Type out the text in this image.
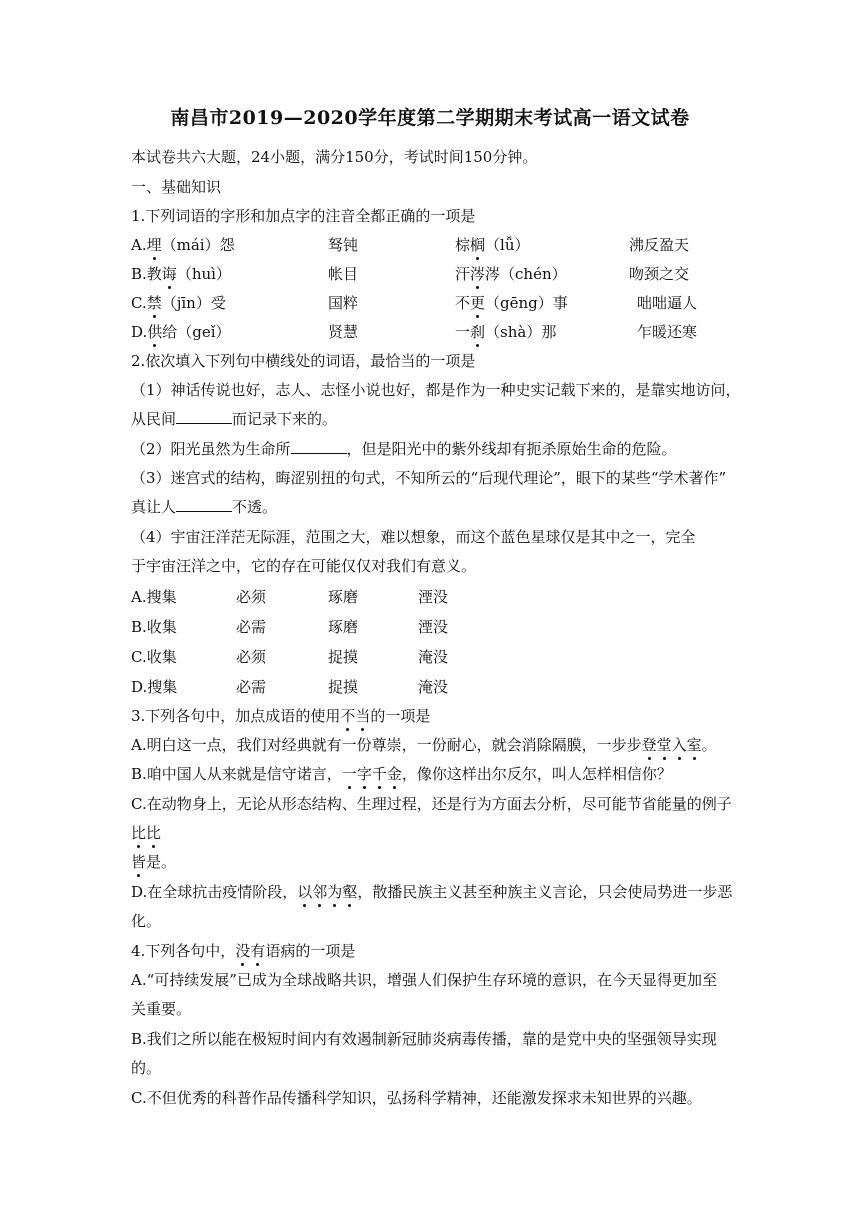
南昌市2019—2020学年度第二学期期末考试高一语文试卷
本试卷共六大题，24小题，满分150分，考试时间150分钟。
一、基础知识
1.下列词语的字形和加点字的注音全都正确的一项是
A.埋（mái）怨	驽钝	棕榈（lǚ）	沸反盈天
B.教诲（huì）	帐目	汗涔涔（chén）	吻颈之交
C.禁（jīn）受	国粹	不更（gēng）事	咄咄逼人
D.供给（geǐ）	贤慧	一刹（shà）那	乍暖还寒
2.依次填入下列句中横线处的词语，最恰当的一项是
（1）神话传说也好，志人、志怪小说也好，都是作为一种史实记载下来的，是靠实地访问，
从民间	而记录下来的。
（2）阳光虽然为生命所	，但是阳光中的紫外线却有扼杀原始生命的危险。
（3）迷宫式的结构，晦涩别扭的句式，不知所云的“后现代理论”，眼下的某些“学术著作”
真让人	不透。
（4）宇宙汪洋茫无际涯，范围之大，难以想象，而这个蓝色星球仅是其中之一，完全
于宇宙汪洋之中，它的存在可能仅仅对我们有意义。
A.搜集	必须	琢磨	湮没
B.收集	必需	琢磨	湮没
C.收集	必须	捉摸	淹没
D.搜集	必需	捉摸	淹没
3.下列各句中，加点成语的使用不当的一项是
A.明白这一点，我们对经典就有一份尊崇，一份耐心，就会消除隔膜，一步步登堂入室。
B.咱中国人从来就是信守诺言，一字千金，像你这样出尔反尔，叫人怎样相信你？
C.在动物身上，无论从形态结构、生理过程，还是行为方面去分析，尽可能节省能量的例子
比比
皆是。
D.在全球抗击疫情阶段，以邻为壑，散播民族主义甚至种族主义言论，只会使局势进一步恶
化。
4.下列各句中，没有语病的一项是
A.“可持续发展”已成为全球战略共识，增强人们保护生存环境的意识，在今天显得更加至
关重要。
B.我们之所以能在极短时间内有效遏制新冠肺炎病毒传播，靠的是党中央的坚强领导实现
的。
C.不但优秀的科普作品传播科学知识，弘扬科学精神，还能激发探求未知世界的兴趣。
